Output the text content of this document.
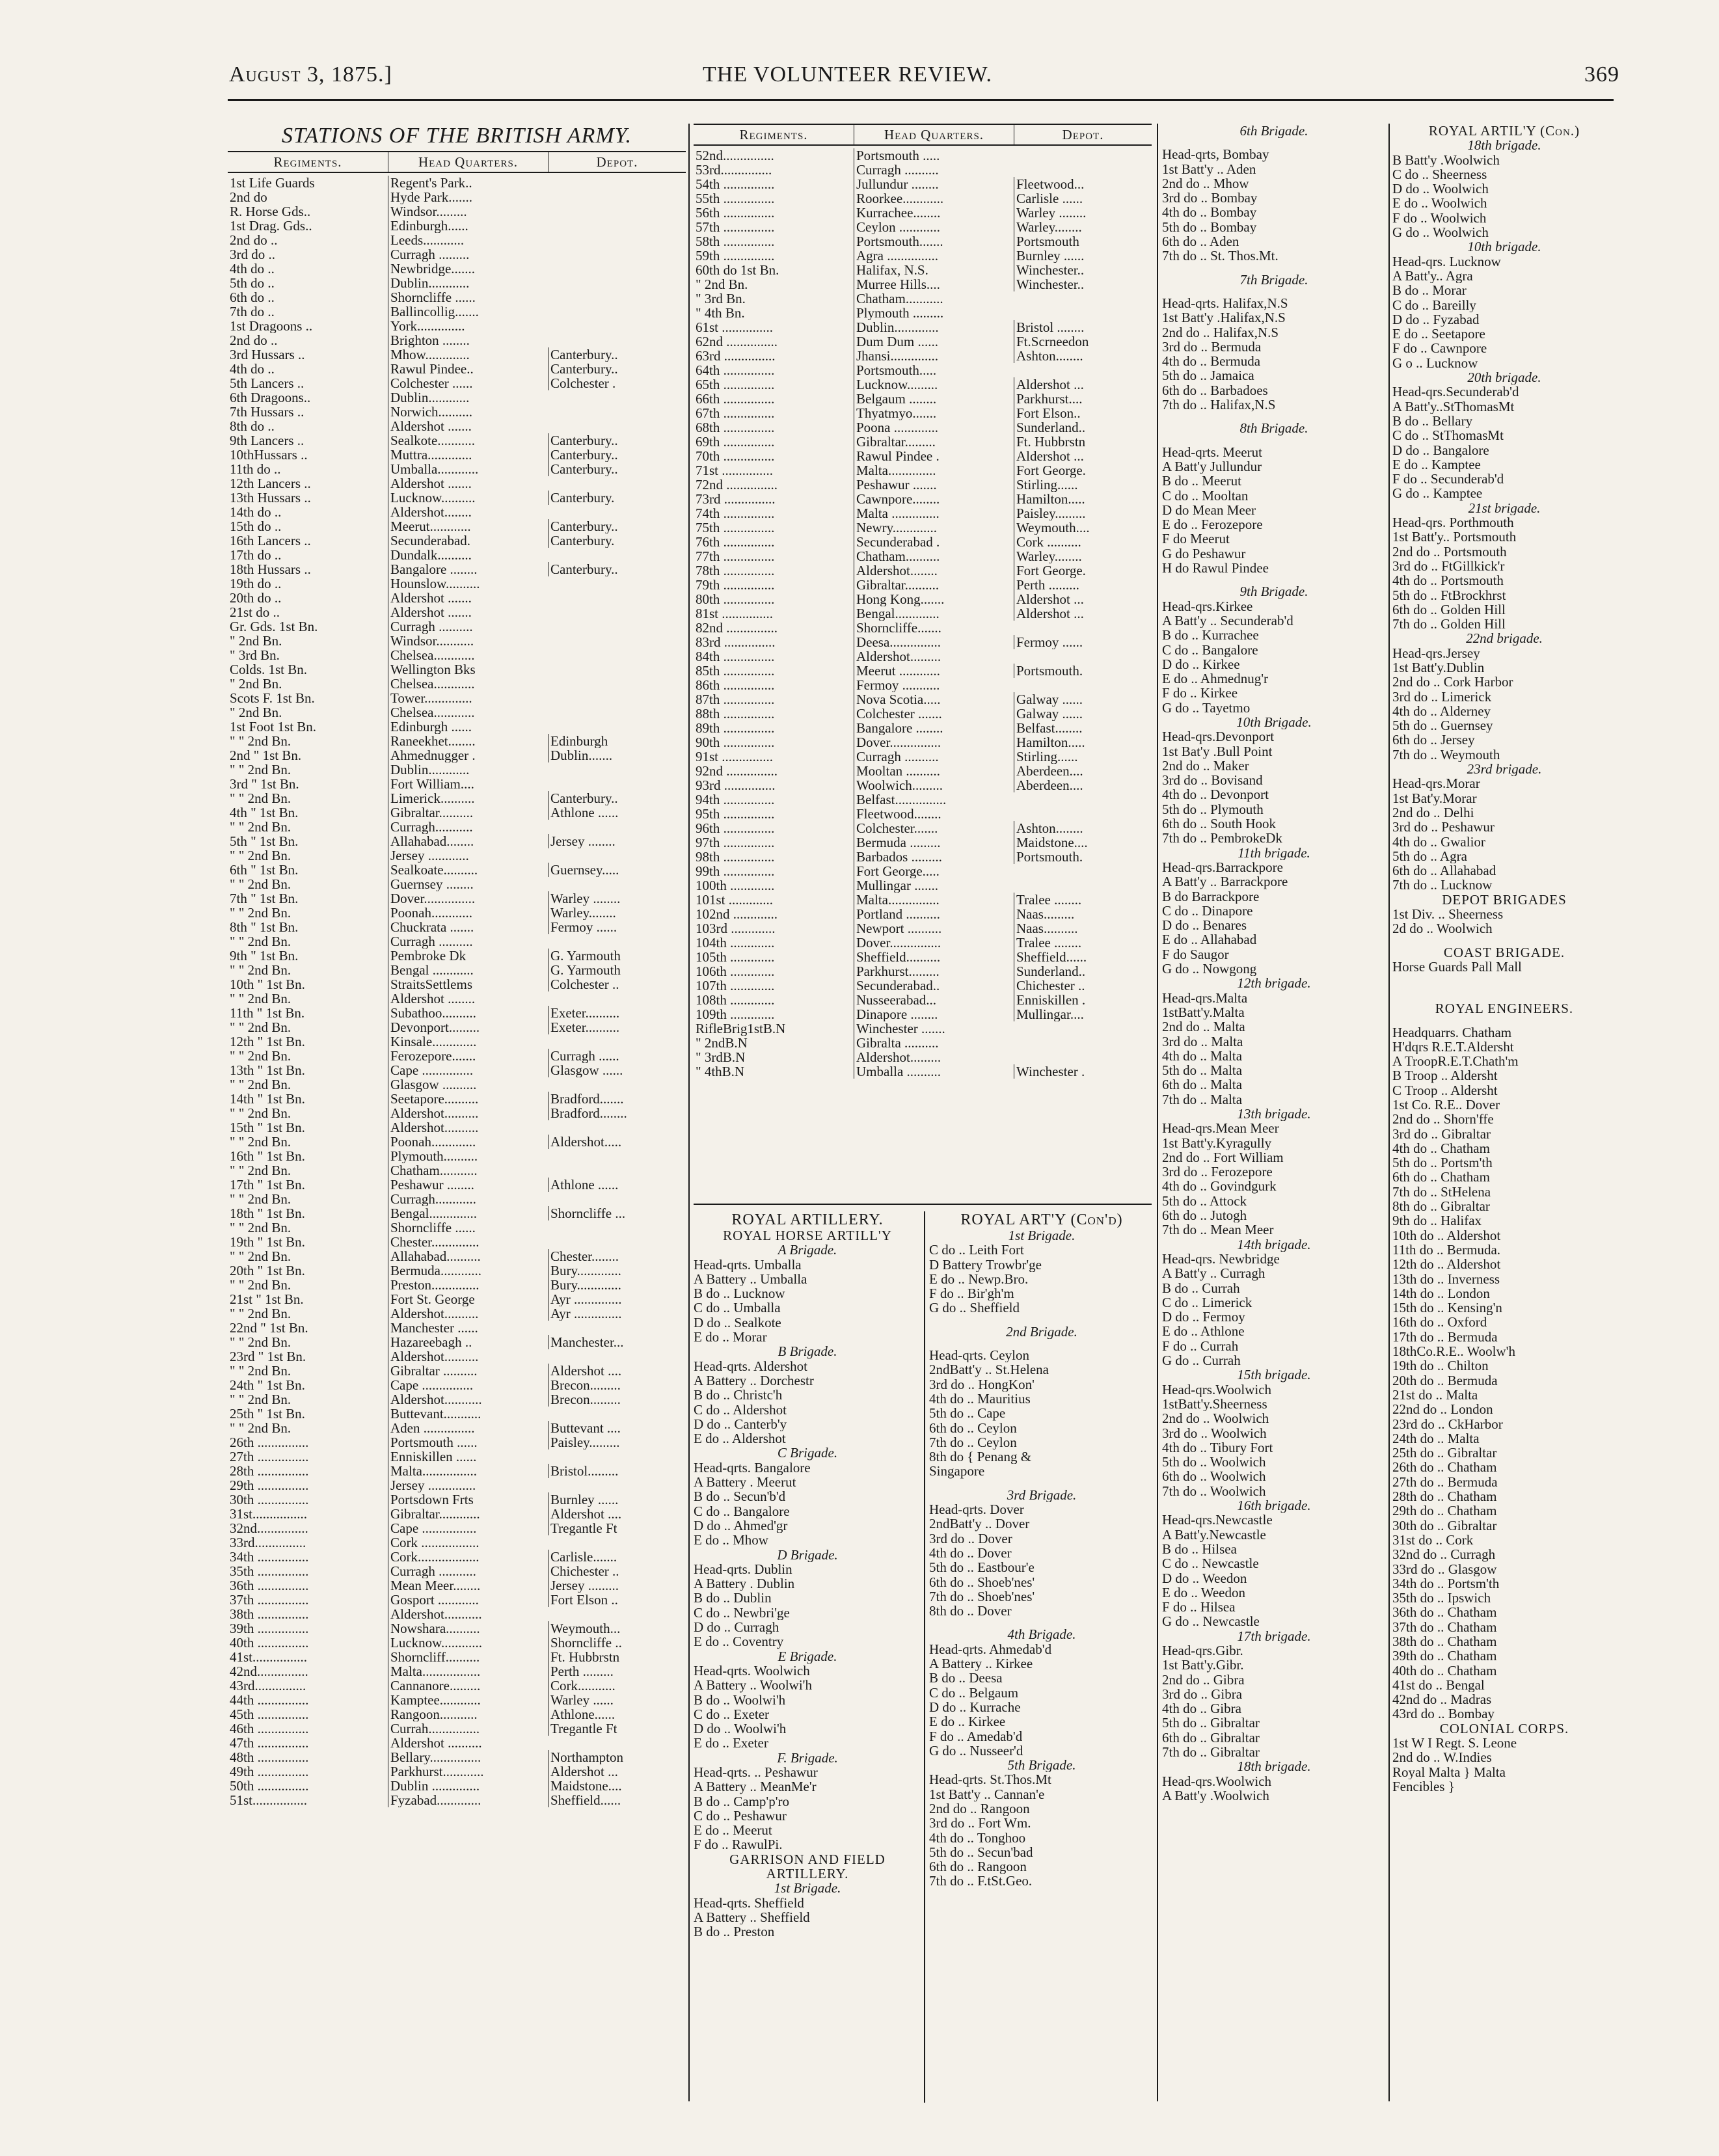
August 3, 1875.]	THE VOLUNTEER REVIEW.	369
STATIONS OF THE BRITISH ARMY.
Regiments.	Head Quarters.	Depot.
1st Life Guards	Regent's Park..
2nd do	Hyde Park.......
R. Horse Gds..	Windsor.........
1st Drag. Gds..	Edinburgh......
2nd do ..	Leeds............
3rd do ..	Curragh .........
4th do ..	Newbridge.......
5th do ..	Dublin............
6th do ..	Shorncliffe ......
7th do ..	Ballincollig.......
1st Dragoons ..	York..............
2nd do ..	Brighton ........
3rd Hussars ..	Mhow.............	Canterbury..
4th do ..	Rawul Pindee..	Canterbury..
5th Lancers ..	Colchester ......	Colchester .
6th Dragoons..	Dublin............
7th Hussars ..	Norwich..........
8th do ..	Aldershot .......
9th Lancers ..	Sealkote...........	Canterbury..
10thHussars ..	Muttra.............	Canterbury..
11th do ..	Umballa............	Canterbury..
12th Lancers ..	Aldershot .......
13th Hussars ..	Lucknow..........	Canterbury.
14th do ..	Aldershot........
15th do ..	Meerut............	Canterbury..
16th Lancers ..	Secunderabad.	Canterbury.
17th do ..	Dundalk..........
18th Hussars ..	Bangalore ........	Canterbury..
19th do ..	Hounslow..........
20th do ..	Aldershot .......
21st do ..	Aldershot .......
Gr. Gds. 1st Bn.	Curragh ..........
" 2nd Bn.	Windsor...........
" 3rd Bn.	Chelsea............
Colds. 1st Bn.	Wellington Bks
" 2nd Bn.	Chelsea............
Scots F. 1st Bn.	Tower..............
" 2nd Bn.	Chelsea............
1st Foot 1st Bn.	Edinburgh ......
" " 2nd Bn.	Raneekhet........	Edinburgh
2nd " 1st Bn.	Ahmednugger .	Dublin.......
" " 2nd Bn.	Dublin............
3rd " 1st Bn.	Fort William....
" " 2nd Bn.	Limerick..........	Canterbury..
4th " 1st Bn.	Gibraltar..........	Athlone ......
" " 2nd Bn.	Curragh...........
5th " 1st Bn.	Allahabad........	Jersey ........
" " 2nd Bn.	Jersey ............
6th " 1st Bn.	Sealkoate..........	Guernsey.....
" " 2nd Bn.	Guernsey ........
7th " 1st Bn.	Dover...............	Warley ........
" " 2nd Bn.	Poonah............	Warley........
8th " 1st Bn.	Chuckrata .......	Fermoy ......
" " 2nd Bn.	Curragh ..........
9th " 1st Bn.	Pembroke Dk	G. Yarmouth
" " 2nd Bn.	Bengal ............	G. Yarmouth
10th " 1st Bn.	StraitsSettlems	Colchester ..
" " 2nd Bn.	Aldershot ........
11th " 1st Bn.	Subathoo..........	Exeter..........
" " 2nd Bn.	Devonport.........	Exeter..........
12th " 1st Bn.	Kinsale.............
" " 2nd Bn.	Ferozepore.......	Curragh ......
13th " 1st Bn.	Cape ...............	Glasgow ......
" " 2nd Bn.	Glasgow ..........
14th " 1st Bn.	Seetapore..........	Bradford.......
" " 2nd Bn.	Aldershot..........	Bradford........
15th " 1st Bn.	Aldershot..........
" " 2nd Bn.	Poonah.............	Aldershot.....
16th " 1st Bn.	Plymouth..........
" " 2nd Bn.	Chatham...........
17th " 1st Bn.	Peshawur ........	Athlone ......
" " 2nd Bn.	Curragh............
18th " 1st Bn.	Bengal..............	Shorncliffe ...
" " 2nd Bn.	Shorncliffe ......
19th " 1st Bn.	Chester..............
" " 2nd Bn.	Allahabad..........	Chester........
20th " 1st Bn.	Bermuda............	Bury.............
" " 2nd Bn.	Preston..............	Bury.............
21st " 1st Bn.	Fort St. George	Ayr ..............
" " 2nd Bn.	Aldershot..........	Ayr ..............
22nd " 1st Bn.	Manchester ......
" " 2nd Bn.	Hazareebagh ..	Manchester...
23rd " 1st Bn.	Aldershot..........
" " 2nd Bn.	Gibraltar ..........	Aldershot ....
24th " 1st Bn.	Cape ...............	Brecon.........
" " 2nd Bn.	Aldershot...........	Brecon.........
25th " 1st Bn.	Buttevant...........
" " 2nd Bn.	Aden ...............	Buttevant ....
26th ...............	Portsmouth ......	Paisley.........
27th ...............	Enniskillen ......
28th ...............	Malta................	Bristol.........
29th ...............	Jersey ..............
30th ...............	Portsdown Frts	Burnley ......
31st................	Gibraltar............	Aldershot ....
32nd...............	Cape ................	Tregantle Ft
33rd...............	Cork .................
34th ...............	Cork..................	Carlisle.......
35th ...............	Curragh ...........	Chichester ..
36th ...............	Mean Meer........	Jersey .........
37th ...............	Gosport ............	Fort Elson ..
38th ...............	Aldershot...........
39th ...............	Nowshara..........	Weymouth...
40th ...............	Lucknow............	Shorncliffe ..
41st................	Shorncliff..........	Ft. Hubbrstn
42nd...............	Malta.................	Perth .........
43rd...............	Cannanore.........	Cork...........
44th ...............	Kamptee............	Warley ......
45th ...............	Rangoon...........	Athlone......
46th ...............	Currah...............	Tregantle Ft
47th ...............	Aldershot ..........
48th ...............	Bellary...............	Northampton
49th ...............	Parkhurst............	Aldershot ...
50th ...............	Dublin ..............	Maidstone....
51st................	Fyzabad.............	Sheffield......
Regiments.	Head Quarters.	Depot.
52nd...............	Portsmouth .....
53rd...............	Curragh ..........
54th ...............	Jullundur ........	Fleetwood...
55th ...............	Roorkee............	Carlisle ......
56th ...............	Kurrachee........	Warley ........
57th ...............	Ceylon ............	Warley........
58th ...............	Portsmouth.......	Portsmouth
59th ...............	Agra ...............	Burnley ......
60th do 1st Bn.	Halifax, N.S.	Winchester..
" 2nd Bn.	Murree Hills....	Winchester..
" 3rd Bn.	Chatham...........
" 4th Bn.	Plymouth .........
61st ...............	Dublin.............	Bristol ........
62nd ...............	Dum Dum ......	Ft.Scrneedon
63rd ...............	Jhansi..............	Ashton........
64th ...............	Portsmouth.....
65th ...............	Lucknow.........	Aldershot ...
66th ...............	Belgaum ........	Parkhurst....
67th ...............	Thyatmyo.......	Fort Elson..
68th ...............	Poona .............	Sunderland..
69th ...............	Gibraltar.........	Ft. Hubbrstn
70th ...............	Rawul Pindee .	Aldershot ...
71st ...............	Malta..............	Fort George.
72nd ...............	Peshawur .......	Stirling......
73rd ...............	Cawnpore........	Hamilton.....
74th ...............	Malta ..............	Paisley.........
75th ...............	Newry.............	Weymouth....
76th ...............	Secunderabad .	Cork ..........
77th ...............	Chatham..........	Warley........
78th ...............	Aldershot........	Fort George.
79th ...............	Gibraltar..........	Perth .........
80th ...............	Hong Kong.......	Aldershot ...
81st ...............	Bengal.............	Aldershot ...
82nd ...............	Shorncliffe.......
83rd ...............	Deesa...............	Fermoy ......
84th ...............	Aldershot.........
85th ...............	Meerut ............	Portsmouth.
86th ...............	Fermoy ...........
87th ...............	Nova Scotia.....	Galway ......
88th ...............	Colchester .......	Galway ......
89th ...............	Bangalore ........	Belfast........
90th ...............	Dover...............	Hamilton.....
91st ...............	Curragh ..........	Stirling......
92nd ...............	Mooltan ..........	Aberdeen....
93rd ...............	Woolwich.........	Aberdeen....
94th ...............	Belfast...............
95th ...............	Fleetwood........
96th ...............	Colchester.......	Ashton........
97th ...............	Bermuda .........	Maidstone....
98th ...............	Barbados .........	Portsmouth.
99th ...............	Fort George.....
100th .............	Mullingar .......
101st .............	Malta...............	Tralee ........
102nd .............	Portland ..........	Naas.........
103rd .............	Newport ..........	Naas..........
104th .............	Dover...............	Tralee ........
105th .............	Sheffield..........	Sheffield......
106th .............	Parkhurst.........	Sunderland..
107th .............	Secunderabad..	Chichester ..
108th .............	Nusseerabad...	Enniskillen .
109th .............	Dinapore ........	Mullingar....
RifleBrig1stB.N	Winchester .......
" 2ndB.N	Gibralta ..........
" 3rdB.N	Aldershot.........
" 4thB.N	Umballa ..........	Winchester .
ROYAL ARTILLERY.
ROYAL HORSE ARTILL'Y
A Brigade.
Head-qrts. Umballa
A Battery .. Umballa
B do .. Lucknow
C do .. Umballa
D do .. Sealkote
E do .. Morar
B Brigade.
Head-qrts. Aldershot
A Battery .. Dorchestr
B do .. Christc'h
C do .. Aldershot
D do .. Canterb'y
E do .. Aldershot
C Brigade.
Head-qrts. Bangalore
A Battery . Meerut
B do .. Secun'b'd
C do .. Bangalore
D do .. Ahmed'gr
E do .. Mhow
D Brigade.
Head-qrts. Dublin
A Battery . Dublin
B do .. Dublin
C do .. Newbri'ge
D do .. Curragh
E do .. Coventry
E Brigade.
Head-qrts. Woolwich
A Battery .. Woolwi'h
B do .. Woolwi'h
C do .. Exeter
D do .. Woolwi'h
E do .. Exeter
F. Brigade.
Head-qrts. .. Peshawur
A Battery .. MeanMe'r
B do .. Camp'p'ro
C do .. Peshawur
E do .. Meerut
F do .. RawulPi.
GARRISON AND FIELD
ARTILLERY.
1st Brigade.
Head-qrts. Sheffield
A Battery .. Sheffield
B do .. Preston
ROYAL ART'Y (Con'd)
1st Brigade.
C do .. Leith Fort
D Battery Trowbr'ge
E do .. Newp.Bro.
F do .. Bir'gh'm
G do .. Sheffield
2nd Brigade.
Head-qrts. Ceylon
2ndBatt'y .. St.Helena
3rd do .. HongKon'
4th do .. Mauritius
5th do .. Cape
6th do .. Ceylon
7th do .. Ceylon
8th do { Penang &
Singapore
3rd Brigade.
Head-qrts. Dover
2ndBatt'y .. Dover
3rd do .. Dover
4th do .. Dover
5th do .. Eastbour'e
6th do .. Shoeb'nes'
7th do .. Shoeb'nes'
8th do .. Dover
4th Brigade.
Head-qrts. Ahmedab'd
A Battery .. Kirkee
B do .. Deesa
C do .. Belgaum
D do .. Kurrache
E do .. Kirkee
F do .. Amedab'd
G do .. Nusseer'd
5th Brigade.
Head-qrts. St.Thos.Mt
1st Batt'y .. Cannan'e
2nd do .. Rangoon
3rd do .. Fort Wm.
4th do .. Tonghoo
5th do .. Secun'bad
6th do .. Rangoon
7th do .. F.tSt.Geo.
6th Brigade.
Head-qrts, Bombay
1st Batt'y .. Aden
2nd do .. Mhow
3rd do .. Bombay
4th do .. Bombay
5th do .. Bombay
6th do .. Aden
7th do .. St. Thos.Mt.
7th Brigade.
Head-qrts. Halifax,N.S
1st Batt'y .Halifax,N.S
2nd do .. Halifax,N.S
3rd do .. Bermuda
4th do .. Bermuda
5th do .. Jamaica
6th do .. Barbadoes
7th do .. Halifax,N.S
8th Brigade.
Head-qrts. Meerut
A Batt'y Jullundur
B do .. Meerut
C do .. Mooltan
D do Mean Meer
E do .. Ferozepore
F do Meerut
G do Peshawur
H do Rawul Pindee
9th Brigade.
Head-qrs.Kirkee
A Batt'y .. Secunderab'd
B do .. Kurrachee
C do .. Bangalore
D do .. Kirkee
E do .. Ahmednug'r
F do .. Kirkee
G do .. Tayetmo
10th Brigade.
Head-qrs.Devonport
1st Bat'y .Bull Point
2nd do .. Maker
3rd do .. Bovisand
4th do .. Devonport
5th do .. Plymouth
6th do .. South Hook
7th do .. PembrokeDk
11th brigade.
Head-qrs.Barrackpore
A Batt'y .. Barrackpore
B do Barrackpore
C do .. Dinapore
D do .. Benares
E do .. Allahabad
F do Saugor
G do .. Nowgong
12th brigade.
Head-qrs.Malta
1stBatt'y.Malta
2nd do .. Malta
3rd do .. Malta
4th do .. Malta
5th do .. Malta
6th do .. Malta
7th do .. Malta
13th brigade.
Head-qrs.Mean Meer
1st Batt'y.Kyragully
2nd do .. Fort William
3rd do .. Ferozepore
4th do .. Govindgurk
5th do .. Attock
6th do .. Jutogh
7th do .. Mean Meer
14th brigade.
Head-qrs. Newbridge
A Batt'y .. Curragh
B do .. Currah
C do .. Limerick
D do .. Fermoy
E do .. Athlone
F do .. Currah
G do .. Currah
15th brigade.
Head-qrs.Woolwich
1stBatt'y.Sheerness
2nd do .. Woolwich
3rd do .. Woolwich
4th do .. Tibury Fort
5th do .. Woolwich
6th do .. Woolwich
7th do .. Woolwich
16th brigade.
Head-qrs.Newcastle
A Batt'y.Newcastle
B do .. Hilsea
C do .. Newcastle
D do .. Weedon
E do .. Weedon
F do .. Hilsea
G do .. Newcastle
17th brigade.
Head-qrs.Gibr.
1st Batt'y.Gibr.
2nd do .. Gibra
3rd do .. Gibra
4th do .. Gibra
5th do .. Gibraltar
6th do .. Gibraltar
7th do .. Gibraltar
18th brigade.
Head-qrs.Woolwich
A Batt'y .Woolwich
ROYAL ARTIL'Y (Con.)
18th brigade.
B Batt'y .Woolwich
C do .. Sheerness
D do .. Woolwich
E do .. Woolwich
F do .. Woolwich
G do .. Woolwich
10th brigade.
Head-qrs. Lucknow
A Batt'y.. Agra
B do .. Morar
C do .. Bareilly
D do .. Fyzabad
E do .. Seetapore
F do .. Cawnpore
G o .. Lucknow
20th brigade.
Head-qrs.Secunderab'd
A Batt'y..StThomasMt
B do .. Bellary
C do .. StThomasMt
D do .. Bangalore
E do .. Kamptee
F do .. Secunderab'd
G do .. Kamptee
21st brigade.
Head-qrs. Porthmouth
1st Batt'y.. Portsmouth
2nd do .. Portsmouth
3rd do .. FtGillkick'r
4th do .. Portsmouth
5th do .. FtBrockhrst
6th do .. Golden Hill
7th do .. Golden Hill
22nd brigade.
Head-qrs.Jersey
1st Batt'y.Dublin
2nd do .. Cork Harbor
3rd do .. Limerick
4th do .. Alderney
5th do .. Guernsey
6th do .. Jersey
7th do .. Weymouth
23rd brigade.
Head-qrs.Morar
1st Bat'y.Morar
2nd do .. Delhi
3rd do .. Peshawur
4th do .. Gwalior
5th do .. Agra
6th do .. Allahabad
7th do .. Lucknow
DEPOT BRIGADES
1st Div. .. Sheerness
2d do .. Woolwich
COAST BRIGADE.
Horse Guards Pall Mall
ROYAL ENGINEERS.
Headquarrs. Chatham
H'dqrs R.E.T.Aldersht
A TroopR.E.T.Chath'm
B Troop .. Aldersht
C Troop .. Aldersht
1st Co. R.E.. Dover
2nd do .. Shorn'ffe
3rd do .. Gibraltar
4th do .. Chatham
5th do .. Portsm'th
6th do .. Chatham
7th do .. StHelena
8th do .. Gibraltar
9th do .. Halifax
10th do .. Aldershot
11th do .. Bermuda.
12th do .. Aldershot
13th do .. Inverness
14th do .. London
15th do .. Kensing'n
16th do .. Oxford
17th do .. Bermuda
18thCo.R.E.. Woolw'h
19th do .. Chilton
20th do .. Bermuda
21st do .. Malta
22nd do .. London
23rd do .. CkHarbor
24th do .. Malta
25th do .. Gibraltar
26th do .. Chatham
27th do .. Bermuda
28th do .. Chatham
29th do .. Chatham
30th do .. Gibraltar
31st do .. Cork
32nd do .. Curragh
33rd do .. Glasgow
34th do .. Portsm'th
35th do .. Ipswich
36th do .. Chatham
37th do .. Chatham
38th do .. Chatham
39th do .. Chatham
40th do .. Chatham
41st do .. Bengal
42nd do .. Madras
43rd do .. Bombay
COLONIAL CORPS.
1st W I Regt. S. Leone
2nd do .. W.Indies
Royal Malta } Malta
Fencibles }
